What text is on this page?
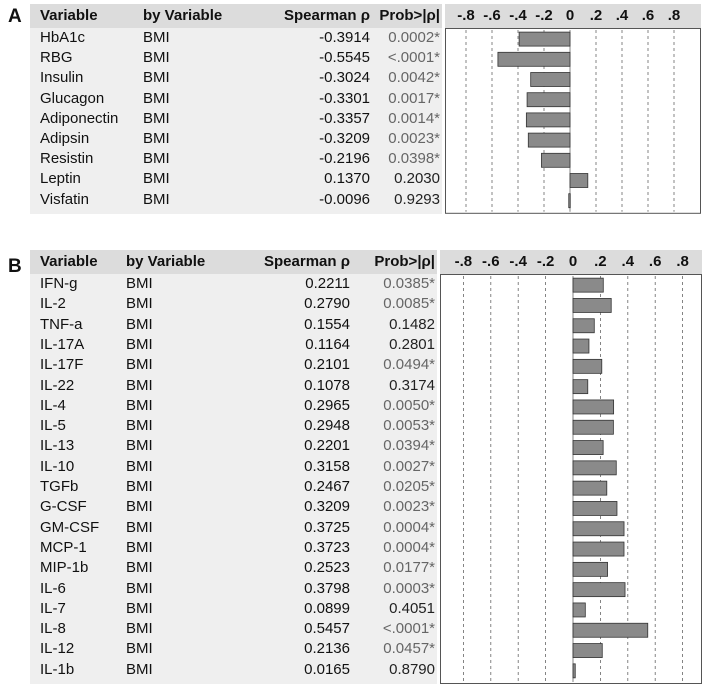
A Variable	by Variable	Spearman ρ Prob>|ρ| -.8 -.6 -.4 -.2 0	.2 .4 .6 .8
HbA1c	BMI	-0.3914 0.0002*
RBG	BMI	-0.5545 <.0001*
Insulin	BMI	-0.3024 0.0042*
Glucagon	BMI	-0.3301 0.0017*
Adiponectin BMI	-0.3357 0.0014*
Adipsin	BMI	-0.3209 0.0023*
Resistin	BMI	-0.2196 0.0398*
Leptin	BMI	0.1370 0.2030
Visfatin	BMI	-0.0096 0.9293
B Variable by Variable	Spearman ρ Prob>|ρ| -.8 -.6 -.4 -.2 0	.2 .4 .6 .8
IFN-g	BMI	0.2211 0.0385*
IL-2	BMI	0.2790 0.0085*
TNF-a	BMI	0.1554	0.1482
IL-17A	BMI	0.1164	0.2801
IL-17F	BMI	0.2101 0.0494*
IL-22	BMI	0.1078	0.3174
IL-4	BMI	0.2965 0.0050*
IL-5	BMI	0.2948 0.0053*
IL-13	BMI	0.2201 0.0394*
IL-10	BMI	0.3158 0.0027*
TGFb	BMI	0.2467 0.0205*
G-CSF	BMI	0.3209 0.0023*
GM-CSF BMI	0.3725 0.0004*
MCP-1	BMI	0.3723 0.0004*
MIP-1b	BMI	0.2523 0.0177*
IL-6	BMI	0.3798 0.0003*
IL-7	BMI	0.0899	0.4051
IL-8	BMI	0.5457 <.0001*
IL-12	BMI	0.2136 0.0457*
IL-1b	BMI	0.0165	0.8790
